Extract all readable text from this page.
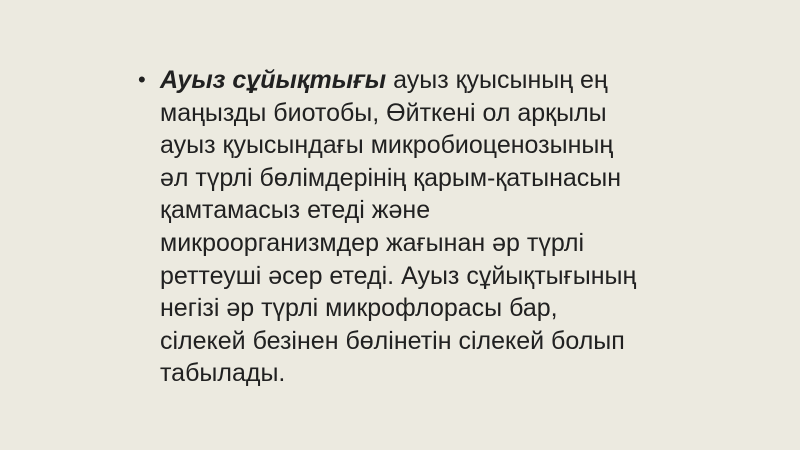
• Ауыз сұйықтығы ауыз қуысының ең
маңызды биотобы, Өйткені ол арқылы
ауыз қуысындағы микробиоценозының
әл түрлі бөлімдерінің қарым-қатынасын
қамтамасыз етеді және
микроорганизмдер жағынан әр түрлі
реттеуші әсер етеді. Ауыз сұйықтығының
негізі әр түрлі микрофлорасы бар,
сілекей безінен бөлінетін сілекей болып
табылады.
